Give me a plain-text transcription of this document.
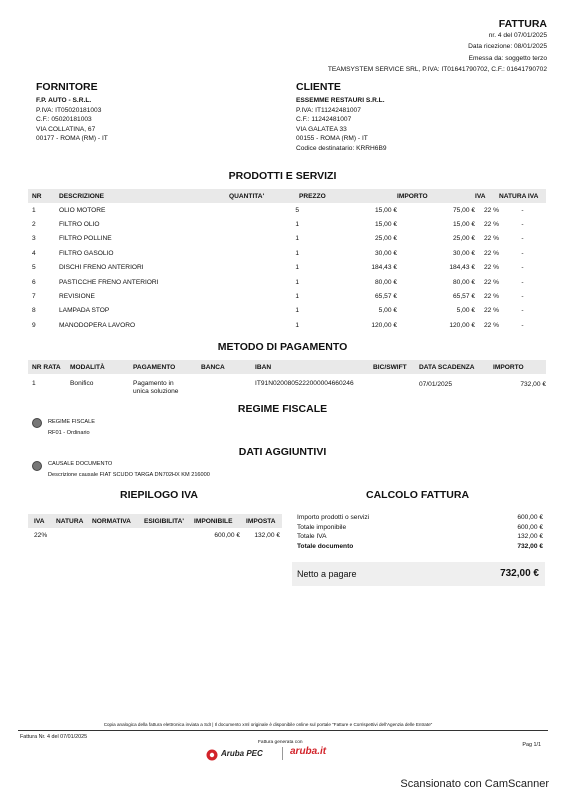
FATTURA
nr. 4 del 07/01/2025
Data ricezione: 08/01/2025
Emessa da: soggetto terzo
TEAMSYSTEM SERVICE SRL, P.IVA: IT01641790702, C.F.: 01641790702
FORNITORE
F.P. AUTO - S.R.L.
P.IVA: IT05020181003
C.F.: 05020181003
VIA COLLATINA, 67
00177 - ROMA (RM) - IT
CLIENTE
ESSEMME RESTAURI S.R.L.
P.IVA: IT11242481007
C.F.: 11242481007
VIA GALATEA 33
00155 - ROMA (RM) - IT
Codice destinatario: KRRH6B9
PRODOTTI E SERVIZI
NR	DESCRIZIONE	QUANTITA'	PREZZO	IMPORTO	IVA	NATURA IVA
1	OLIO MOTORE	5	15,00 €	75,00 €	22 %	-
2	FILTRO OLIO	1	15,00 €	15,00 €	22 %	-
3	FILTRO POLLINE	1	25,00 €	25,00 €	22 %	-
4	FILTRO GASOLIO	1	30,00 €	30,00 €	22 %	-
5	DISCHI FRENO ANTERIORI	1	184,43 €	184,43 €	22 %	-
6	PASTICCHE FRENO ANTERIORI	1	80,00 €	80,00 €	22 %	-
7	REVISIONE	1	65,57 €	65,57 €	22 %	-
8	LAMPADA STOP	1	5,00 €	5,00 €	22 %	-
9	MANODOPERA LAVORO	1	120,00 €	120,00 €	22 %	-
METODO DI PAGAMENTO
NR RATA	MODALITÀ	PAGAMENTO	BANCA	IBAN	BIC/SWIFT	DATA SCADENZA	IMPORTO
1	Bonifico	Pagamento in
unica soluzione		IT91N0200805222000004660246		07/01/2025	732,00 €
REGIME FISCALE
REGIME FISCALE
RF01 - Ordinario
DATI AGGIUNTIVI
CAUSALE DOCUMENTO
Descrizione causale FIAT SCUDO TARGA DN702HX KM 216000
RIEPILOGO IVA
IVA	NATURA	NORMATIVA	ESIGIBILITA'	IMPONIBILE	IMPOSTA
22%				600,00 €	132,00 €
CALCOLO FATTURA
Importo prodotti o servizi	600,00 €
Totale imponibile	600,00 €
Totale IVA	132,00 €
Totale documento	732,00 €
Netto a pagare	732,00 €
Copia analogica della fattura elettronica inviata a SdI | Il documento xml originale è disponibile online sul portale "Fatture e Corrispettivi dell'Agenzia delle Entrate"
Fattura Nr. 4 del 07/01/2025
Fattura generata con	Pag 1/1
Aruba PEC	aruba.it
Scansionato con CamScanner
